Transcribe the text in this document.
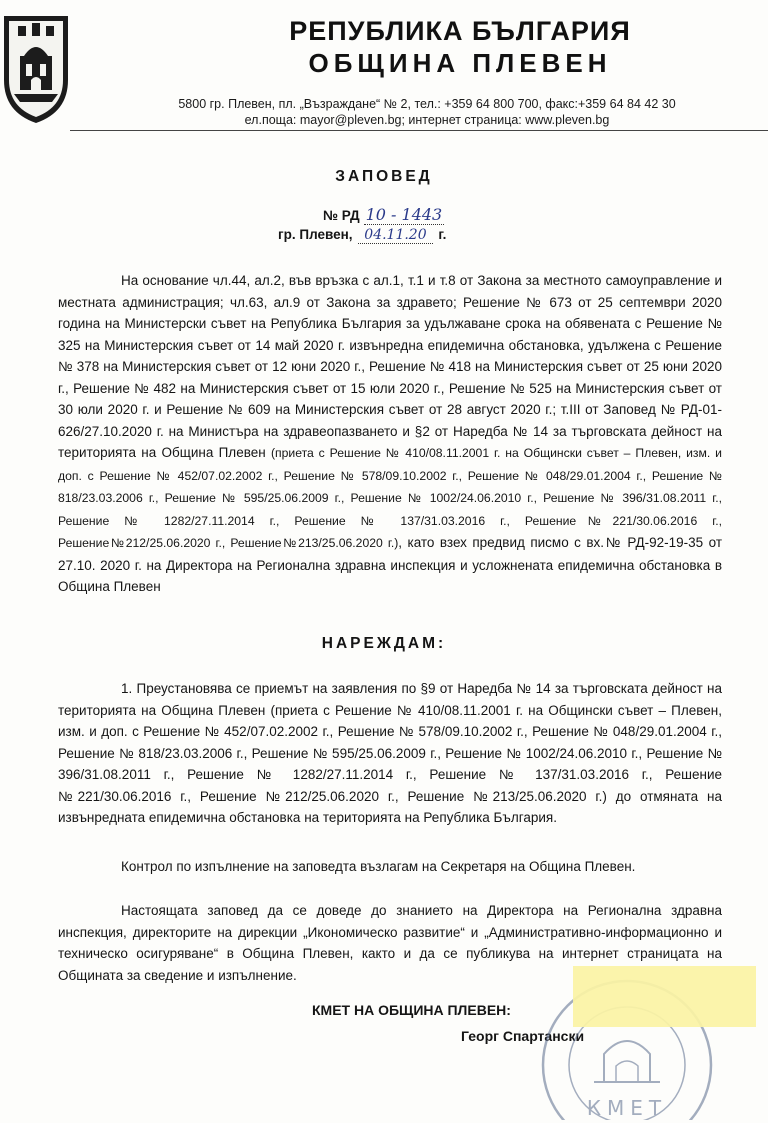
РЕПУБЛИКА БЪЛГАРИЯ
ОБЩИНА ПЛЕВЕН
5800 гр. Плевен, пл. „Възраждане“ № 2, тел.: +359 64 800 700, факс:+359 64 84 42 30
ел.поща: mayor@pleven.bg; интернет страница: www.pleven.bg
ЗАПОВЕД
№ РД 10 - 1443
гр. Плевен, 04.11.20 г.
На основание чл.44, ал.2, във връзка с ал.1, т.1 и т.8 от Закона за местното самоуправление и местната администрация; чл.63, ал.9 от Закона за здравето; Решение № 673 от 25 септември 2020 година на Министерски съвет на Република България за удължаване срока на обявената с Решение № 325 на Министерския съвет от 14 май 2020 г. извънредна епидемична обстановка, удължена с Решение № 378 на Министерския съвет от 12 юни 2020 г., Решение № 418 на Министерския съвет от 25 юни 2020 г., Решение № 482 на Министерския съвет от 15 юли 2020 г., Решение № 525 на Министерския съвет от 30 юли 2020 г. и Решение № 609 на Министерския съвет от 28 август 2020 г.; т.III от Заповед № РД-01-626/27.10.2020 г. на Министъра на здравеопазването и §2 от Наредба № 14 за търговската дейност на територията на Община Плевен (приета с Решение № 410/08.11.2001 г. на Общински съвет – Плевен, изм. и доп. с Решение № 452/07.02.2002 г., Решение № 578/09.10.2002 г., Решение № 048/29.01.2004 г., Решение № 818/23.03.2006 г., Решение № 595/25.06.2009 г., Решение № 1002/24.06.2010 г., Решение № 396/31.08.2011 г., Решение № 1282/27.11.2014 г., Решение № 137/31.03.2016 г., Решение№221/30.06.2016 г., Решение№212/25.06.2020 г., Решение№213/25.06.2020 г.), като взех предвид писмо с вх.№ РД-92-19-35 от 27.10. 2020 г. на Директора на Регионална здравна инспекция и усложнената епидемична обстановка в Община Плевен
НАРЕЖДАМ:
1. Преустановява се приемът на заявления по §9 от Наредба № 14 за търговската дейност на територията на Община Плевен (приета с Решение № 410/08.11.2001 г. на Общински съвет – Плевен, изм. и доп. с Решение № 452/07.02.2002 г., Решение № 578/09.10.2002 г., Решение № 048/29.01.2004 г., Решение № 818/23.03.2006 г., Решение № 595/25.06.2009 г., Решение № 1002/24.06.2010 г., Решение № 396/31.08.2011 г., Решение № 1282/27.11.2014 г., Решение № 137/31.03.2016 г., Решение №221/30.06.2016 г., Решение №212/25.06.2020 г., Решение №213/25.06.2020 г.) до отмяната на извънредната епидемична обстановка на територията на Република България.
Контрол по изпълнение на заповедта възлагам на Секретаря на Община Плевен.
Настоящата заповед да се доведе до знанието на Директора на Регионална здравна инспекция, директорите на дирекции „Икономическо развитие“ и „Административно-информационно и техническо осигуряване“ в Община Плевен, както и да се публикува на интернет страницата на Общината за сведение и изпълнение.
КМЕТ НА ОБЩИНА ПЛЕВЕН:
Георг Спартански
КМЕТ
